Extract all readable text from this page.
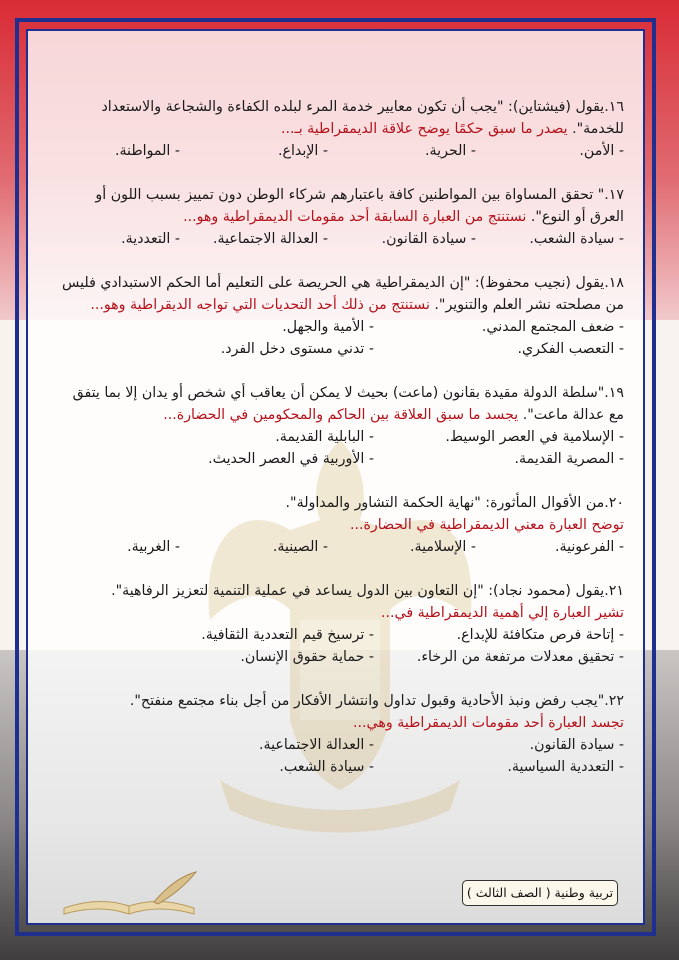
١٦.يقول (فيشتاين): "يجب أن تكون معايير خدمة المرء لبلده الكفاءة والشجاعة والاستعداد

للخدمة". يصدر ما سبق حكمًا يوضح علاقة الديمقراطية بـ...

- الأمن.
- الحرية.
- الإبداع.
- المواطنة.

١٧." تحقق المساواة بين المواطنين كافة باعتبارهم شركاء الوطن دون تمييز بسبب اللون أو

العرق أو النوع". نستنتج من العبارة السابقة أحد مقومات الديمقراطية وهو...

- سيادة الشعب.
- سيادة القانون.
- العدالة الاجتماعية.
- التعددية.

١٨.يقول (نجيب محفوظ): "إن الديمقراطية هي الحريصة على التعليم أما الحكم الاستبدادي فليس

من مصلحته نشر العلم والتنوير". نستنتج من ذلك أحد التحديات التي تواجه الديقراطية وهو...

- ضعف المجتمع المدني.
- الأمية والجهل.
- التعصب الفكري.
- تدني مستوى دخل الفرد.

١٩."سلطة الدولة مقيدة بقانون (ماعت) بحيث لا يمكن أن يعاقب أي شخص أو يدان إلا بما يتفق

مع عدالة ماعت". يجسد ما سبق العلاقة بين الحاكم والمحكومين في الحضارة...

- الإسلامية في العصر الوسيط.
- البابلية القديمة.
- المصرية القديمة.
- الأوربية في العصر الحديث.

٢٠.من الأقوال المأثورة: "نهاية الحكمة التشاور والمداولة".

توضح العبارة معني الديمقراطية في الحضارة...

- الفرعونية.
- الإسلامية.
- الصينية.
- الغربية.

٢١.يقول (محمود نجاد): "إن التعاون بين الدول يساعد في عملية التنمية لتعزيز الرفاهية".

تشير العبارة إلي أهمية الديمقراطية في...

- إتاحة فرص متكافئة للإبداع.
- ترسيخ قيم التعددية الثقافية.
- تحقيق معدلات مرتفعة من الرخاء.
- حماية حقوق الإنسان.

٢٢."يجب رفض ونبذ الأحادية وقبول تداول وانتشار الأفكار من أجل بناء مجتمع منفتح".

تجسد العبارة أحد مقومات الديمقراطية وهي...

- سيادة القانون.
- العدالة الاجتماعية.
- التعددية السياسية.
- سيادة الشعب.
تربية وطنية ( الصف الثالث )
